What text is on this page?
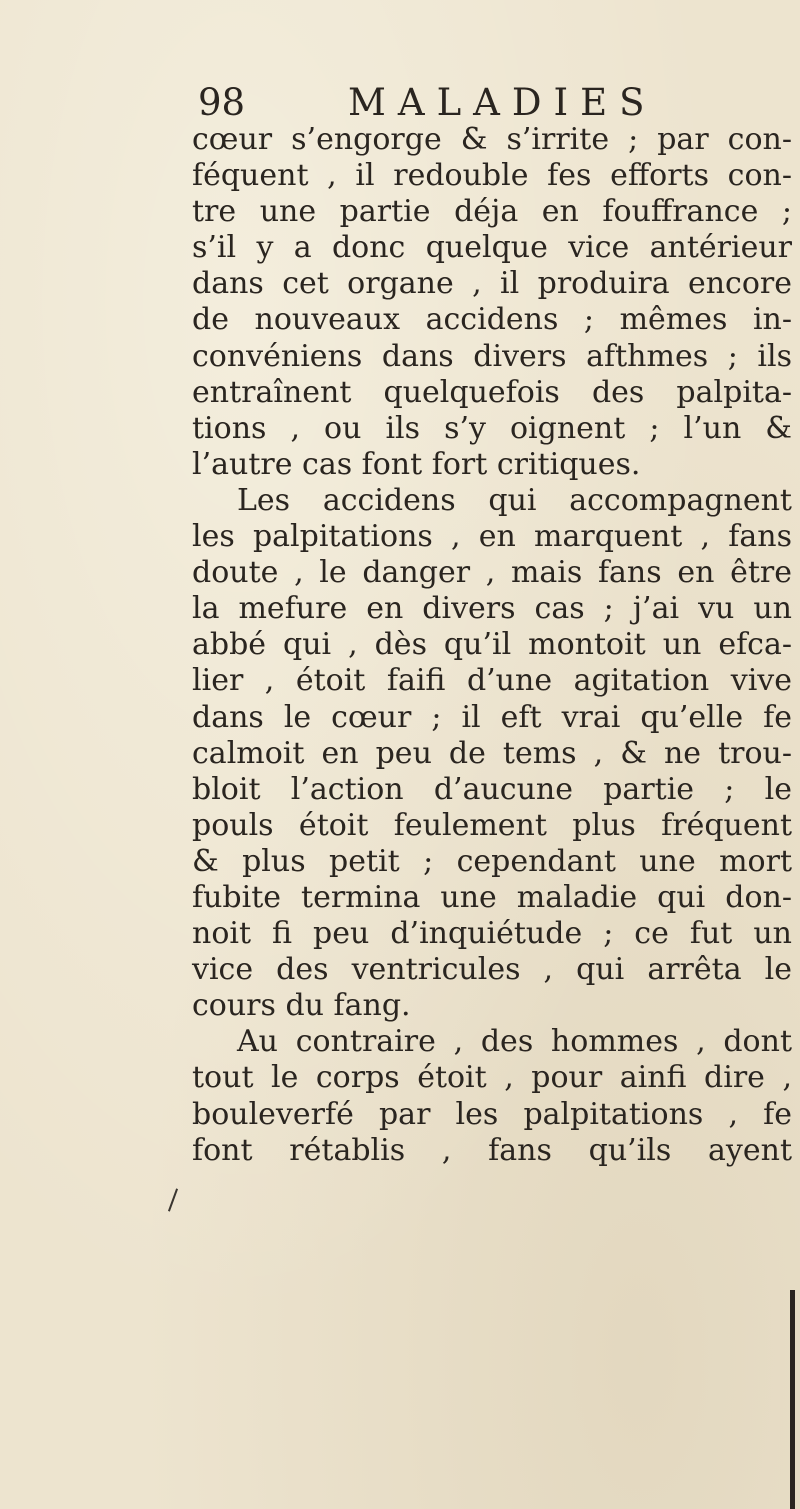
98	MALADIES
cœur s’engorge & s’irrite ; par con-
féquent , il redouble fes efforts con-
tre une partie déja en fouffrance ;
s’il y a donc quelque vice antérieur
dans cet organe , il produira encore
de nouveaux accidens ; mêmes in-
convéniens dans divers afthmes ; ils
entraînent quelquefois des palpita-
tions , ou ils s’y oignent ; l’un &
l’autre cas font fort critiques.
Les accidens qui accompagnent
les palpitations , en marquent , fans
doute , le danger , mais fans en être
la mefure en divers cas ; j’ai vu un
abbé qui , dès qu’il montoit un efca-
lier , étoit faifi d’une agitation vive
dans le cœur ; il eft vrai qu’elle fe
calmoit en peu de tems , & ne trou-
bloit l’action d’aucune partie ; le
pouls étoit feulement plus fréquent
& plus petit ; cependant une mort
fubite termina une maladie qui don-
noit fi peu d’inquiétude ; ce fut un
vice des ventricules , qui arrêta le
cours du fang.
Au contraire , des hommes , dont
tout le corps étoit , pour ainfi dire ,
bouleverfé par les palpitations , fe
font rétablis , fans qu’ils ayent
